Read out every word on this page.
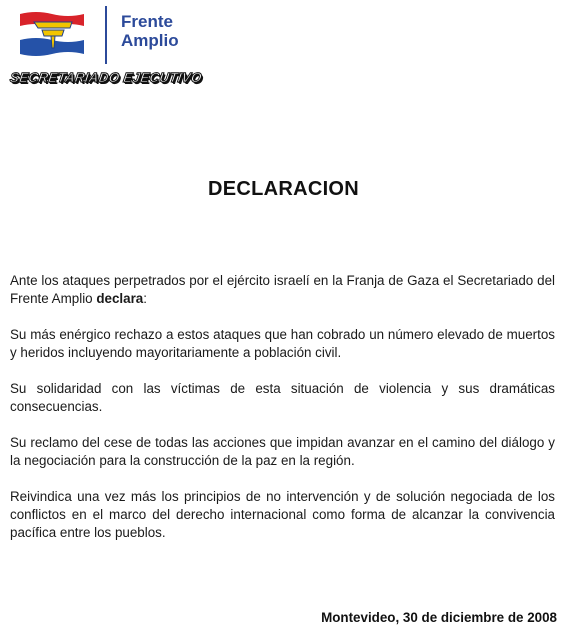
Frente
Amplio
SECRETARIADO EJECUTIVO
DECLARACION

Ante los ataques perpetrados por el ejército israelí en la Franja de Gaza el Secretariado del Frente Amplio declara:

Su más enérgico rechazo a estos ataques que han cobrado un número elevado de muertos y heridos incluyendo mayoritariamente a población civil.

Su solidaridad con las víctimas de esta situación de violencia y sus dramáticas consecuencias.

Su reclamo del cese de todas las acciones que impidan avanzar en el camino del diálogo y la negociación para la construcción de la paz en la región.

Reivindica una vez más los principios de no intervención y de solución negociada de los conflictos en el marco del derecho internacional como forma de alcanzar la convivencia pacífica entre los pueblos.

Montevideo, 30 de diciembre de 2008
